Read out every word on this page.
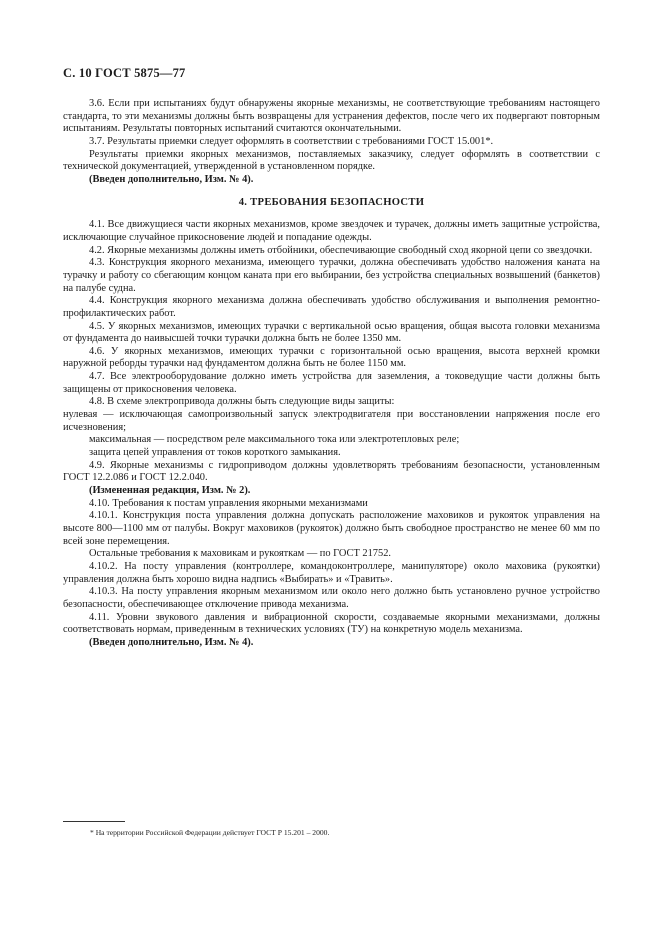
С. 10 ГОСТ 5875—77

3.6. Если при испытаниях будут обнаружены якорные механизмы, не соответствующие требованиям настоящего стандарта, то эти механизмы должны быть возвращены для устранения дефектов, после чего их подвергают повторным испытаниям. Результаты повторных испытаний считаются окончательными.

3.7. Результаты приемки следует оформлять в соответствии с требованиями ГОСТ 15.001*.

Результаты приемки якорных механизмов, поставляемых заказчику, следует оформлять в соответствии с технической документацией, утвержденной в установленном порядке.

(Введен дополнительно, Изм. № 4).

4. ТРЕБОВАНИЯ БЕЗОПАСНОСТИ

4.1. Все движущиеся части якорных механизмов, кроме звездочек и турачек, должны иметь защитные устройства, исключающие случайное прикосновение людей и попадание одежды.

4.2. Якорные механизмы должны иметь отбойники, обеспечивающие свободный сход якорной цепи со звездочки.

4.3. Конструкция якорного механизма, имеющего турачки, должна обеспечивать удобство наложения каната на турачку и работу со сбегающим концом каната при его выбирании, без устройства специальных возвышений (банкетов) на палубе судна.

4.4. Конструкция якорного механизма должна обеспечивать удобство обслуживания и выполнения ремонтно-профилактических работ.

4.5. У якорных механизмов, имеющих турачки с вертикальной осью вращения, общая высота головки механизма от фундамента до наивысшей точки турачки должна быть не более 1350 мм.

4.6. У якорных механизмов, имеющих турачки с горизонтальной осью вращения, высота верхней кромки наружной реборды турачки над фундаментом должна быть не более 1150 мм.

4.7. Все электрооборудование должно иметь устройства для заземления, а токоведущие части должны быть защищены от прикосновения человека.

4.8. В схеме электропривода должны быть следующие виды защиты:

нулевая — исключающая самопроизвольный запуск электродвигателя при восстановлении напряжения после его исчезновения;

максимальная — посредством реле максимального тока или электротепловых реле;

защита цепей управления от токов короткого замыкания.

4.9. Якорные механизмы с гидроприводом должны удовлетворять требованиям безопасности, установленным ГОСТ 12.2.086 и ГОСТ 12.2.040.

(Измененная редакция, Изм. № 2).

4.10. Требования к постам управления якорными механизмами

4.10.1. Конструкция поста управления должна допускать расположение маховиков и рукояток управления на высоте 800—1100 мм от палубы. Вокруг маховиков (рукояток) должно быть свободное пространство не менее 60 мм по всей зоне перемещения.

Остальные требования к маховикам и рукояткам — по ГОСТ 21752.

4.10.2. На посту управления (контроллере, командоконтроллере, манипуляторе) около маховика (рукоятки) управления должна быть хорошо видна надпись «Выбирать» и «Травить».

4.10.3. На посту управления якорным механизмом или около него должно быть установлено ручное устройство безопасности, обеспечивающее отключение привода механизма.

4.11. Уровни звукового давления и вибрационной скорости, создаваемые якорными механизмами, должны соответствовать нормам, приведенным в технических условиях (ТУ) на конкретную модель механизма.

(Введен дополнительно, Изм. № 4).

* На территории Российской Федерации действует ГОСТ Р 15.201 – 2000.
